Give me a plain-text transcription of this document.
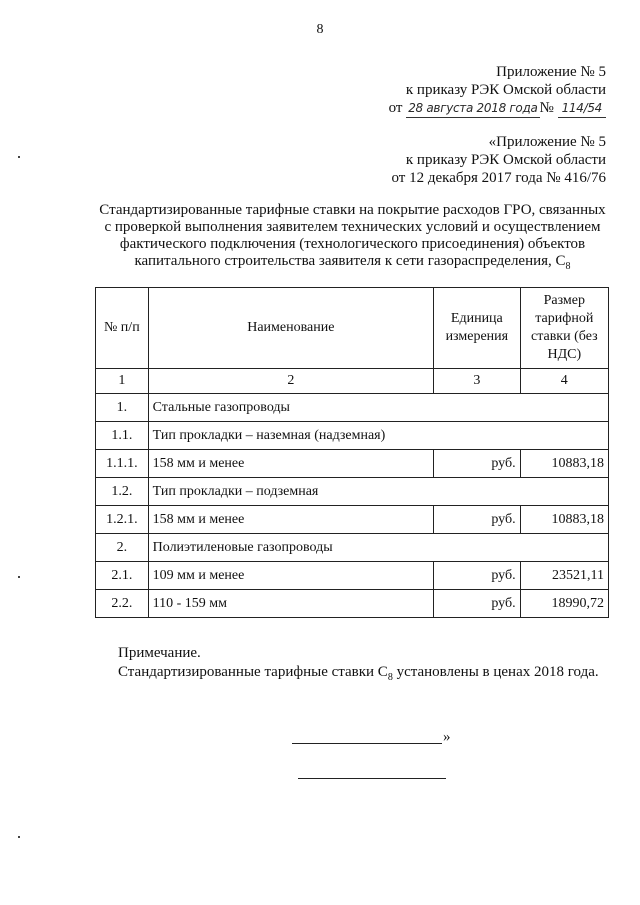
8
Приложение № 5
к приказу РЭК Омской области
от 28 августа 2018 года № 114/54
«Приложение № 5
к приказу РЭК Омской области
от 12 декабря 2017 года № 416/76
Стандартизированные тарифные ставки на покрытие расходов ГРО, связанных
с проверкой выполнения заявителем технических условий и осуществлением
фактического подключения (технологического присоединения) объектов
капитального строительства заявителя к сети газораспределения, $С_8$
№ п/п	Наименование	Единица измерения	Размер тарифной ставки (без НДС)
1	2	3	4
1.	Стальные газопроводы		
1.1.	Тип прокладки – наземная (надземная)		
1.1.1.	158 мм и менее	руб.	10883,18
1.2.	Тип прокладки – подземная		
1.2.1.	158 мм и менее	руб.	10883,18
2.	Полиэтиленовые газопроводы		
2.1.	109 мм и менее	руб.	23521,11
2.2.	110 - 159 мм	руб.	18990,72
Примечание.
Стандартизированные тарифные ставки $С_8$ установлены в ценах 2018 года.
»
